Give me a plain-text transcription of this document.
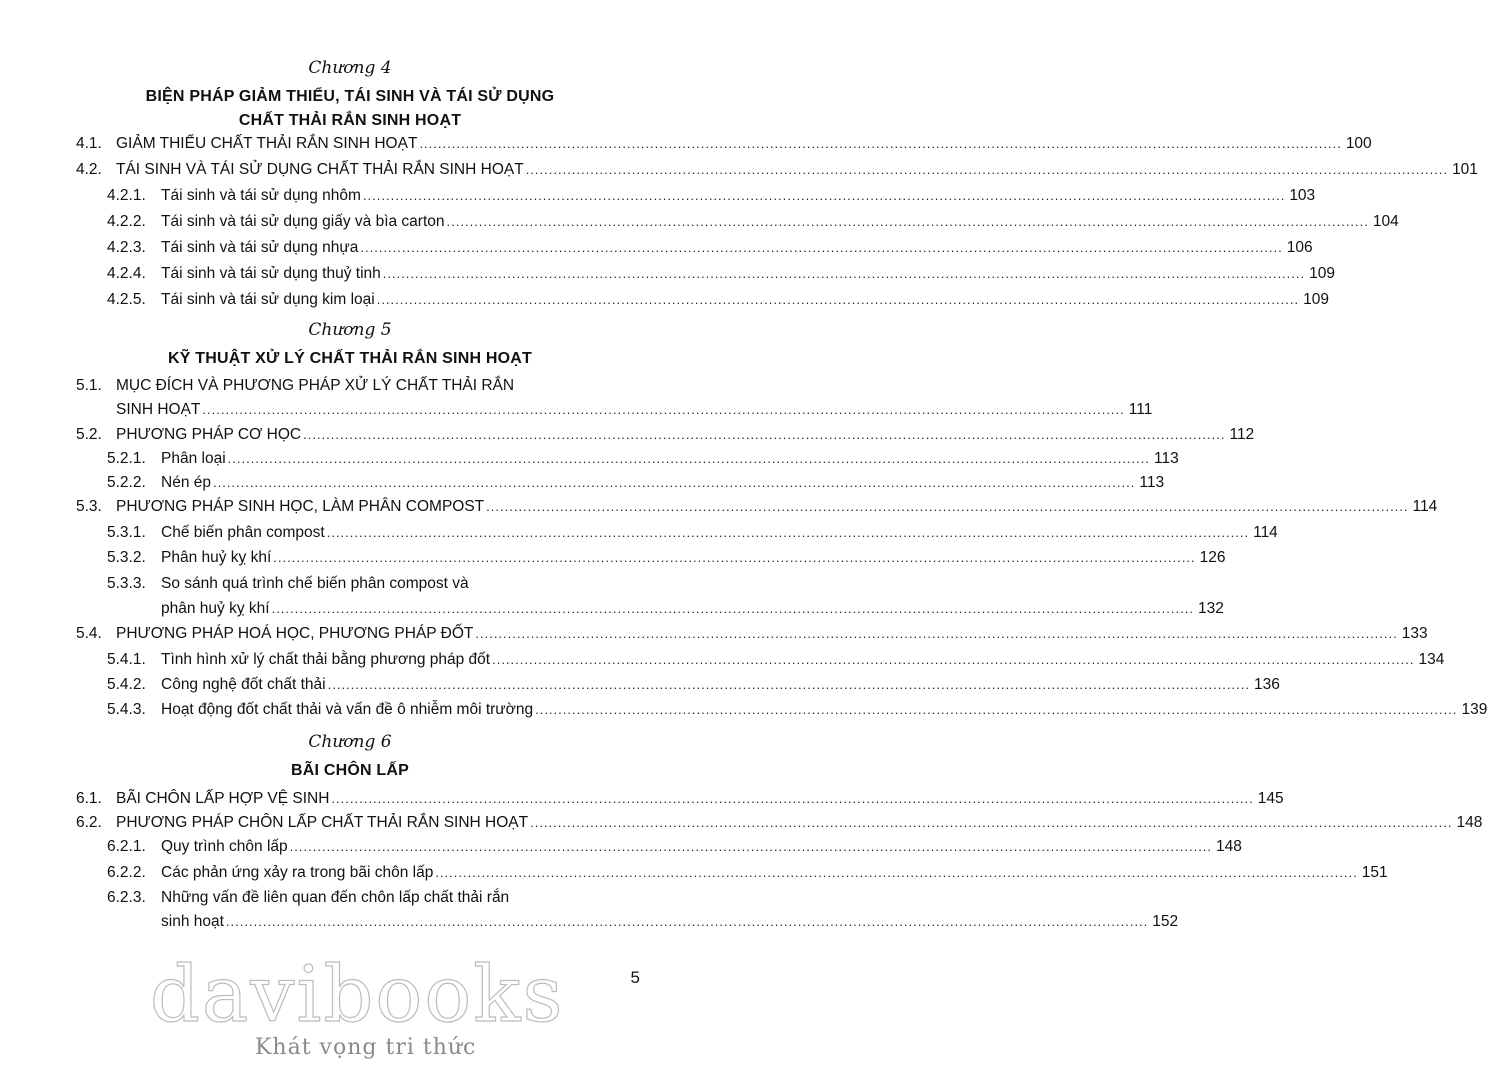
Chương 4
BIỆN PHÁP GIẢM THIỂU, TÁI SINH VÀ TÁI SỬ DỤNG
CHẤT THẢI RẮN SINH HOẠT
4.1. GIẢM THIỂU CHẤT THẢI RẮN SINH HOẠT ........................................................................................................................................................................................................ 100
4.2. TÁI SINH VÀ TÁI SỬ DỤNG CHẤT THẢI RẮN SINH HOẠT ........................................................................................................................................................................................................ 101
4.2.1. Tái sinh và tái sử dụng nhôm ........................................................................................................................................................................................................ 103
4.2.2. Tái sinh và tái sử dụng giấy và bìa carton ........................................................................................................................................................................................................ 104
4.2.3. Tái sinh và tái sử dụng nhựa ........................................................................................................................................................................................................ 106
4.2.4. Tái sinh và tái sử dụng thuỷ tinh ........................................................................................................................................................................................................ 109
4.2.5. Tái sinh và tái sử dụng kim loại ........................................................................................................................................................................................................ 109
Chương 5
KỸ THUẬT XỬ LÝ CHẤT THẢI RẮN SINH HOẠT
5.1. MỤC ĐÍCH VÀ PHƯƠNG PHÁP XỬ LÝ CHẤT THẢI RẮN
SINH HOẠT ........................................................................................................................................................................................................ 111
5.2. PHƯƠNG PHÁP CƠ HỌC ........................................................................................................................................................................................................ 112
5.2.1. Phân loại ........................................................................................................................................................................................................ 113
5.2.2. Nén ép ........................................................................................................................................................................................................ 113
5.3. PHƯƠNG PHÁP SINH HỌC, LÀM PHÂN COMPOST ........................................................................................................................................................................................................ 114
5.3.1. Chế biến phân compost ........................................................................................................................................................................................................ 114
5.3.2. Phân huỷ kỵ khí ........................................................................................................................................................................................................ 126
5.3.3. So sánh quá trình chế biến phân compost và
phân huỷ kỵ khí ........................................................................................................................................................................................................ 132
5.4. PHƯƠNG PHÁP HOÁ HỌC, PHƯƠNG PHÁP ĐỐT ........................................................................................................................................................................................................ 133
5.4.1. Tình hình xử lý chất thải bằng phương pháp đốt ........................................................................................................................................................................................................ 134
5.4.2. Công nghệ đốt chất thải ........................................................................................................................................................................................................ 136
5.4.3. Hoạt động đốt chất thải và vấn đề ô nhiễm môi trường ........................................................................................................................................................................................................ 139
Chương 6
BÃI CHÔN LẤP
6.1. BÃI CHÔN LẤP HỢP VỆ SINH ........................................................................................................................................................................................................ 145
6.2. PHƯƠNG PHÁP CHÔN LẤP CHẤT THẢI RẮN SINH HOẠT ........................................................................................................................................................................................................ 148
6.2.1. Quy trình chôn lấp ........................................................................................................................................................................................................ 148
6.2.2. Các phản ứng xảy ra trong bãi chôn lấp ........................................................................................................................................................................................................ 151
6.2.3. Những vấn đề liên quan đến chôn lấp chất thải rắn
sinh hoạt ........................................................................................................................................................................................................ 152
5
davibooks
Khát vọng tri thức
